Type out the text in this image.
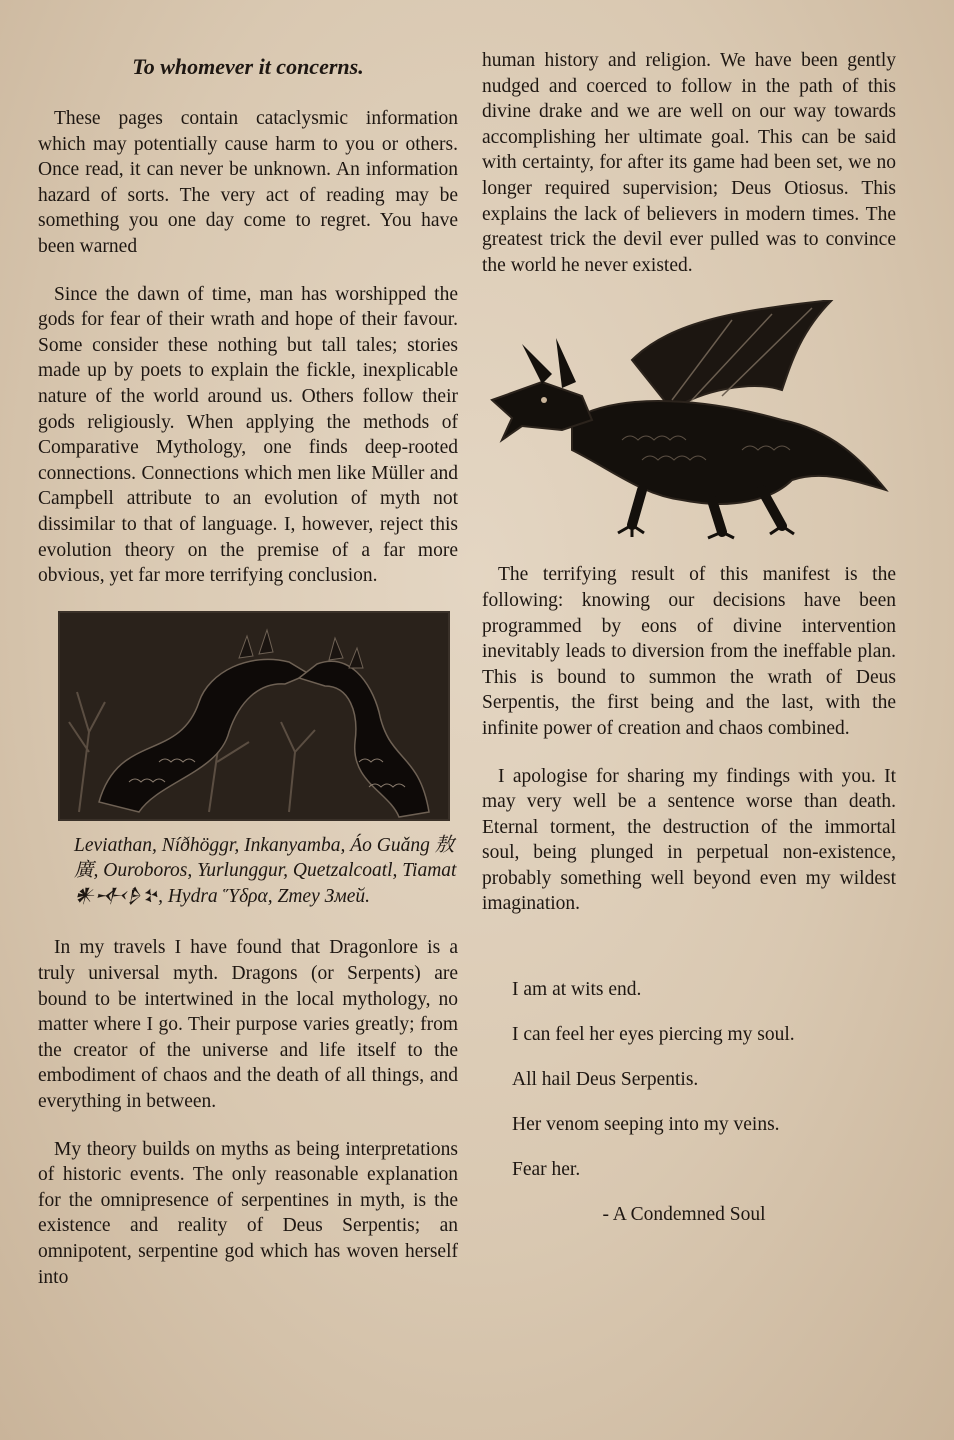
To whomever it concerns.

These pages contain cataclysmic information which may potentially cause harm to you or others. Once read, it can never be unknown. An information hazard of sorts. The very act of reading may be something you one day come to regret. You have been warned

Since the dawn of time, man has worshipped the gods for fear of their wrath and hope of their favour. Some consider these nothing but tall tales; stories made up by poets to explain the fickle, inexplicable nature of the world around us. Others follow their gods religiously. When applying the methods of Comparative Mythology, one finds deep-rooted connections. Connections which men like Müller and Campbell attribute to an evolution of myth not dissimilar to that of language. I, however, reject this evolution theory on the premise of a far more obvious, yet far more terrifying conclusion.

Leviathan, Níðhöggr, Inkanyamba, Áo Guǎng 敖廣, Ouroboros, Yurlunggur, Quetzalcoatl, Tiamat 𒀭𒋾𒊩𒆳, Hydra Ὕδρα, Zmey Змей.

In my travels I have found that Dragonlore is a truly universal myth. Dragons (or Serpents) are bound to be intertwined in the local mythology, no matter where I go. Their purpose varies greatly; from the creator of the universe and life itself to the embodiment of chaos and the death of all things, and everything in between.

My theory builds on myths as being interpretations of historic events. The only reasonable explanation for the omnipresence of serpentines in myth, is the existence and reality of Deus Serpentis; an omnipotent, serpentine god which has woven herself into

human history and religion. We have been gently nudged and coerced to follow in the path of this divine drake and we are well on our way towards accomplishing her ultimate goal. This can be said with certainty, for after its game had been set, we no longer required supervision; Deus Otiosus. This explains the lack of believers in modern times. The greatest trick the devil ever pulled was to convince the world he never existed.

The terrifying result of this manifest is the following: knowing our decisions have been programmed by eons of divine intervention inevitably leads to diversion from the ineffable plan. This is bound to summon the wrath of Deus Serpentis, the first being and the last, with the infinite power of creation and chaos combined.

I apologise for sharing my findings with you. It may very well be a sentence worse than death. Eternal torment, the destruction of the immortal soul, being plunged in perpetual non-existence, probably something well beyond even my wildest imagination.

I am at wits end.
I can feel her eyes piercing my soul.
All hail Deus Serpentis.
Her venom seeping into my veins.
Fear her.
- A Condemned Soul
